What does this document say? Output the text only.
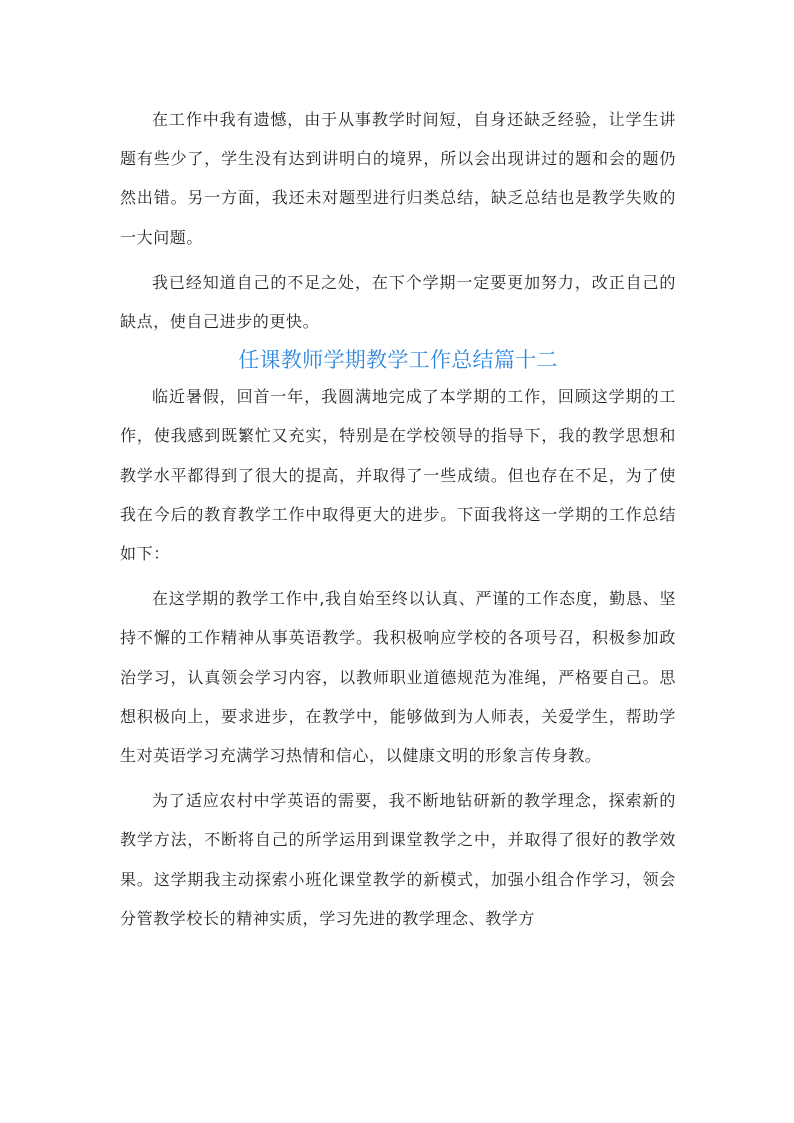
在工作中我有遗憾，由于从事教学时间短，自身还缺乏经验，让学生讲题有些少了，学生没有达到讲明白的境界，所以会出现讲过的题和会的题仍然出错。另一方面，我还未对题型进行归类总结，缺乏总结也是教学失败的一大问题。

我已经知道自己的不足之处，在下个学期一定要更加努力，改正自己的缺点，使自己进步的更快。

任课教师学期教学工作总结篇十二

临近暑假，回首一年，我圆满地完成了本学期的工作，回顾这学期的工作，使我感到既繁忙又充实，特别是在学校领导的指导下，我的教学思想和教学水平都得到了很大的提高，并取得了一些成绩。但也存在不足，为了使我在今后的教育教学工作中取得更大的进步。下面我将这一学期的工作总结如下：

在这学期的教学工作中,我自始至终以认真、严谨的工作态度，勤恳、坚持不懈的工作精神从事英语教学。我积极响应学校的各项号召，积极参加政治学习，认真领会学习内容，以教师职业道德规范为准绳，严格要自己。思想积极向上，要求进步，在教学中，能够做到为人师表，关爱学生，帮助学生对英语学习充满学习热情和信心，以健康文明的形象言传身教。

为了适应农村中学英语的需要，我不断地钻研新的教学理念，探索新的教学方法，不断将自己的所学运用到课堂教学之中，并取得了很好的教学效果。这学期我主动探索小班化课堂教学的新模式，加强小组合作学习，领会分管教学校长的精神实质，学习先进的教学理念、教学方
